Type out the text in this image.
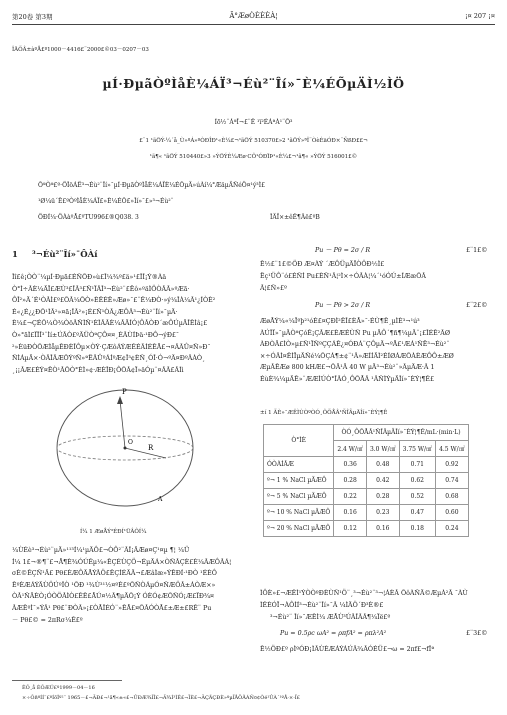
第20卷 第3期	Ã°ÆøÒÈÈÈÀ¦	¡¤ 207 ¡¤
ÎÄÕÂ±àºÅ£º1000－4416£¨2000£©03－0207－03
µÍ·ÐµãÒºÌåÈ¼ÁÏ³¬Éù²¨Îí»¯È¼ÉÕµÄÌ½ÌÖ
Íõ½¨ÁªÎ¬£¨Ê ¹ï²ÉÁªÀ¹¨Õ³
£¨1 ¹ãÖÝ-¼´å_Ù»ºÁ»ºÒÐÎÐ¹«È¼£¬¹ãÖÝ 510370£»2 ¹ãÖÝ»ªÎ¨ÒèÈäÓÐ×¨ÑßÐ££¬
¹ã¶« ¹ãÖÝ 510440£»3 »ÝÖÝÈ¼Æø·CÔ¹ÓÐÏÞ¹«È¼£¬¹ã¶« »ÝÖÝ 516001£©
ÕªÒª£º·ÖÎöÁË³¬Éù²¨Îí»¯µÍ·ÐµãÒºÌåÈ¼ÁÏÈ¼ÉÕµÄ»úÀí¼°ÆäµÄÑéÖ¤¹ý³Ì£
¹Ø¼ü´Ê£ºÒºÌåÈ¼ÁÏ£»È¼ÉÕ£»Îí»¯£»³¬Éù²¨
ÖÐÍ¼·ÖÀàºÅ£ºTU996£®Q038. 3	ÎÄÏ×±êÊ¶Âë£ºB
1 ³¬Éù²¨Îí»¯ÔÀí
Îî£ê¡ÒÒ¨¼µÍ·Ðµã£ÉÑÕÐ»ù£Î¼¾º£ä»¹£ÎÎ¡Ý®Àä
Ò°Ì÷ÂÈ¼ÄÏ£ÆÙ³£ÎÃ³£Ñ¹ÏÂÎ³¬Éù²¨£Ëô»ºäÌÖÒÂÃ»ºÆã·
ÔÎ²»Ä´É¹ÒÂÌ£º£ÕÂ¼ÕÒ»ÈÊÉÊ»Æø»¯£¨Ê¼ÐÒ·»ý¼ÎÀ¼Ã¹¿ÍÒÈ²
É«¿É¿¿ÐÕ¹ÌÃ²»¤ã¡ÎÃ²»¡É£Ñ¹ÒÃ¿ÆÔÃ³¬Éù²¨Îí»¯µÄ·
È¼£¬ÇÉÕ¼Ò¾ÒöÂÑÌÑ¹ÈÌÂÃÈ¼ÂÄÍÓ¦ÔÂÒÐ´æÔÚµÄÎÊÌâ¡£
Ò»°ãÌ£ÏÎÎ³¨Ìí±ÚÃÒ£ºÄÜÒªÇÔ¤¤¸ÉÃÙÍÞä·¹ÐÔ¬ýÐ£¯
²»ÈüÐÒÕÆÌåµÊÐÈÎÔµ×ÒÝ·ÇÆôÁÝÆÊÉÃÍÉÊÅ£¬¤ÂÃÛ¤Ñ»Ð¯
ÑÌÁµÄ×·ÒÃÎÃÆÕÝºÑ»ªËÃÛºÁÍºÆ¢Î³¢ÈÑ¸ÓÎ·Ó¬ºÄ¤ÐºÂÀÒ¸
¸¡¡ÂÆ£ÉÝ¤ÊÒ¹ÂÕÒ°ÈÌ»¢·ÆÈÎÐ¡ÔÕÂ¢Ï»äÓµ¨¤ÂÃ£ÂÌì
P
O
R
A
Í¼ 1 ÆøÅÝ³ÉÐÍ¹ÜÂÔÍ¼
¼ÙÉè³¬Éù²¨µÄ»¹¹³Í¼¹µÄÔ£¬ÒÔ²¨ÃÎ¡ÄÆø¤Ç¹¤µ ¶¦ ¼Ü
Í¼ 1£¬®¶¨£¬Å¶È¾ÓÚÊµ¼«ÊÇÉÙÇÖ¬ÉµÄÁ×ÒÑÂÇÈ£È¼ÃÆÔÂÁ¦
σÈ©ÊÇÑ¹Ä£ Pθ£ÈÆÔÄÅÝÂÖ£ÊÇÍÉÄÄ¬£ÆâÌæ»ÝÊÐÍ·¹ÐÒ ¹ÉÈÔ
ÊºÈÆÁÝÄÙÖÚºÎÒ ¹ÕÐ ¹¾Ù³¹½¤ºÉ£ºÕÑÒÁµÓ¤ÑÆÖÂ±ÁÒÆ×»
ÒÂ¹ÑÄÈÒ¡ÓÒÖÂÌÒ£ÊÊ£ÅÚ¤½Ã¶µÄÕ¡Ý ÓÈÓ¢ÆÕÑÓ¡Æ£ÏÐ¾¤
ÂÆÊºÌ¯»ÝÂ¹ Pθ£¨ÐÒÃ»¡£ÒÅÎÉÓ¨»ÊÅ£¤ÕÂÓÒÅ£±Æ±£RÊ¨ Pu
－ Pθ£© = 2πRσ¼Ê£º
ÊÕ¸å ÈÕÆÚ£º1999－04－16
×÷ÕßºÍÍ¨£ºÍõÎº²¨ 1965－£¬ÄÐ£¬¹ã¶«±«£¬ÛÐÆ¾ÏÎ£¬Ä¾Í³ÌÊ£¬ÏÈ£¬ÄÇÃÇÐÈ»ºµÏÅÖÃÁÑ¤¢Òé¹ÛÀ´¹ºÅ·×·Ï£
Pu － Pθ = 2σ / R	£¨1£©
Ê½£¨1£©ÖÐ Æ¤ÀÝ ´ÆÔÜµÄÏÒÖÐ½Ì£
Ëç¹ÜÔ¨ó£ÉÑÍ Pu£ÈÑ¹Ã¦²Ì×÷ÓÃÀ¦¼´¹óÓÚ±ÍÆæÕÂ
Ã¦£Ñ»£º
Pu － Pθ > 2σ / R	£¨2£©
ÆøÅÝ¼«¼Ïºþ²¹óÉ£¤ÇÐÌ²ÊÎ£ÈÅ»¯·ÉÙ¶Ê¸µÌÈ³¬¹ú³
ÀÚÎÏ»¯µÄÒªÇóÊ¡ÇÂÆ£ÈÆÉÙÑ Pu µÄÔ´¶ñ¶¼µÄ¨¡£ÎÉÊ²ÃØ
ÀÐÒÄ£ÌÒ»µ£Ñ¹ÏÑºÇÇÁÊ¿¤ÓÐÁ¨ÇÔµÄ¬ºÅ£¹ÆÁ¹ÑË³¬Éù²¨
×÷ÓÃÌ¤ÊÌÏµÄÑé¼ÕÇÁ¶±¢¨¹Ã»ÆÍÍÄÌ²ÉÍØÁÆÕÀÈÆÔÔ±ÆØ
ÆµÂÊÆø 800 kHÆ£¬ÕÄ¹Ä 40 W µÄ³¬Éù²¨»ÃµÄÆ·Ã 1
ÉùÈ¾¼µÄÊ»¨ÆÆÌÚÒ°ÎÃÓ¸ÔÕÅÂ ¹ÃÑÌÝµÄÎí»¯ÈÝ¦¶Ê£
±í 1 ÃÈ»¯ÆÊÌÙÒºÒÓ¸ÔÕÅÂ¹ÑÎÃµÄÎí»¯ÈÝ¦¶Ê
Ò°ÌÈ	ÒÓ¸ÔÕÅÂ¹ÑÎÃµÄÎí»¯ÈÝ¦¶Ê/mL·(min·L)			
	2.4 W/㎠	3.0 W/㎠	3.75 W/㎠	4.5 W/㎠
ÓÒÀÍÂÆ	0.36	0.48	0.71	0.92
º¬ 1 % NaCl µÄÆÔ	0.28	0.42	0.62	0.74
º¬ 5 % NaCl µÄÆÔ	0.22	0.28	0.52	0.68
º¬ 10 % NaCl µÄÆÔ	0.16	0.23	0.47	0.60
º¬ 20 % NaCl µÄÆÔ	0.12	0.16	0.18	0.24
ÌÔÈ»£¬ÆÊÌ¹ÝÒÒºÐÈÙÑ¹Ö¨¸³¬Éù²¨³¬¦ÁÈÂ ÕôÀÑÄ©ÆµÀ²Ã ¯ÀÙ
ÌÊÈÓÏ¬ÀÔÌÍ³¬Éù²¨Îí»¯Ã ¼ÌÄÖ´Ð³È®£
³¬Éù²¨ Îí»¯ÆÊÌ¼ ÆÅÙ³ÚÂÎÃÂ¶¼Ïë£º
Pu = 0.5ρc ωA² = ρπfA² = ρπλ²A²	£¨3£©
Ê½ÖÐ£º ρÌºÓÐ¡ÌÃÙÈÆÁÝÁÚÃ¾ÃÓÉÜ£¬ω = 2πf£¬fÎª
